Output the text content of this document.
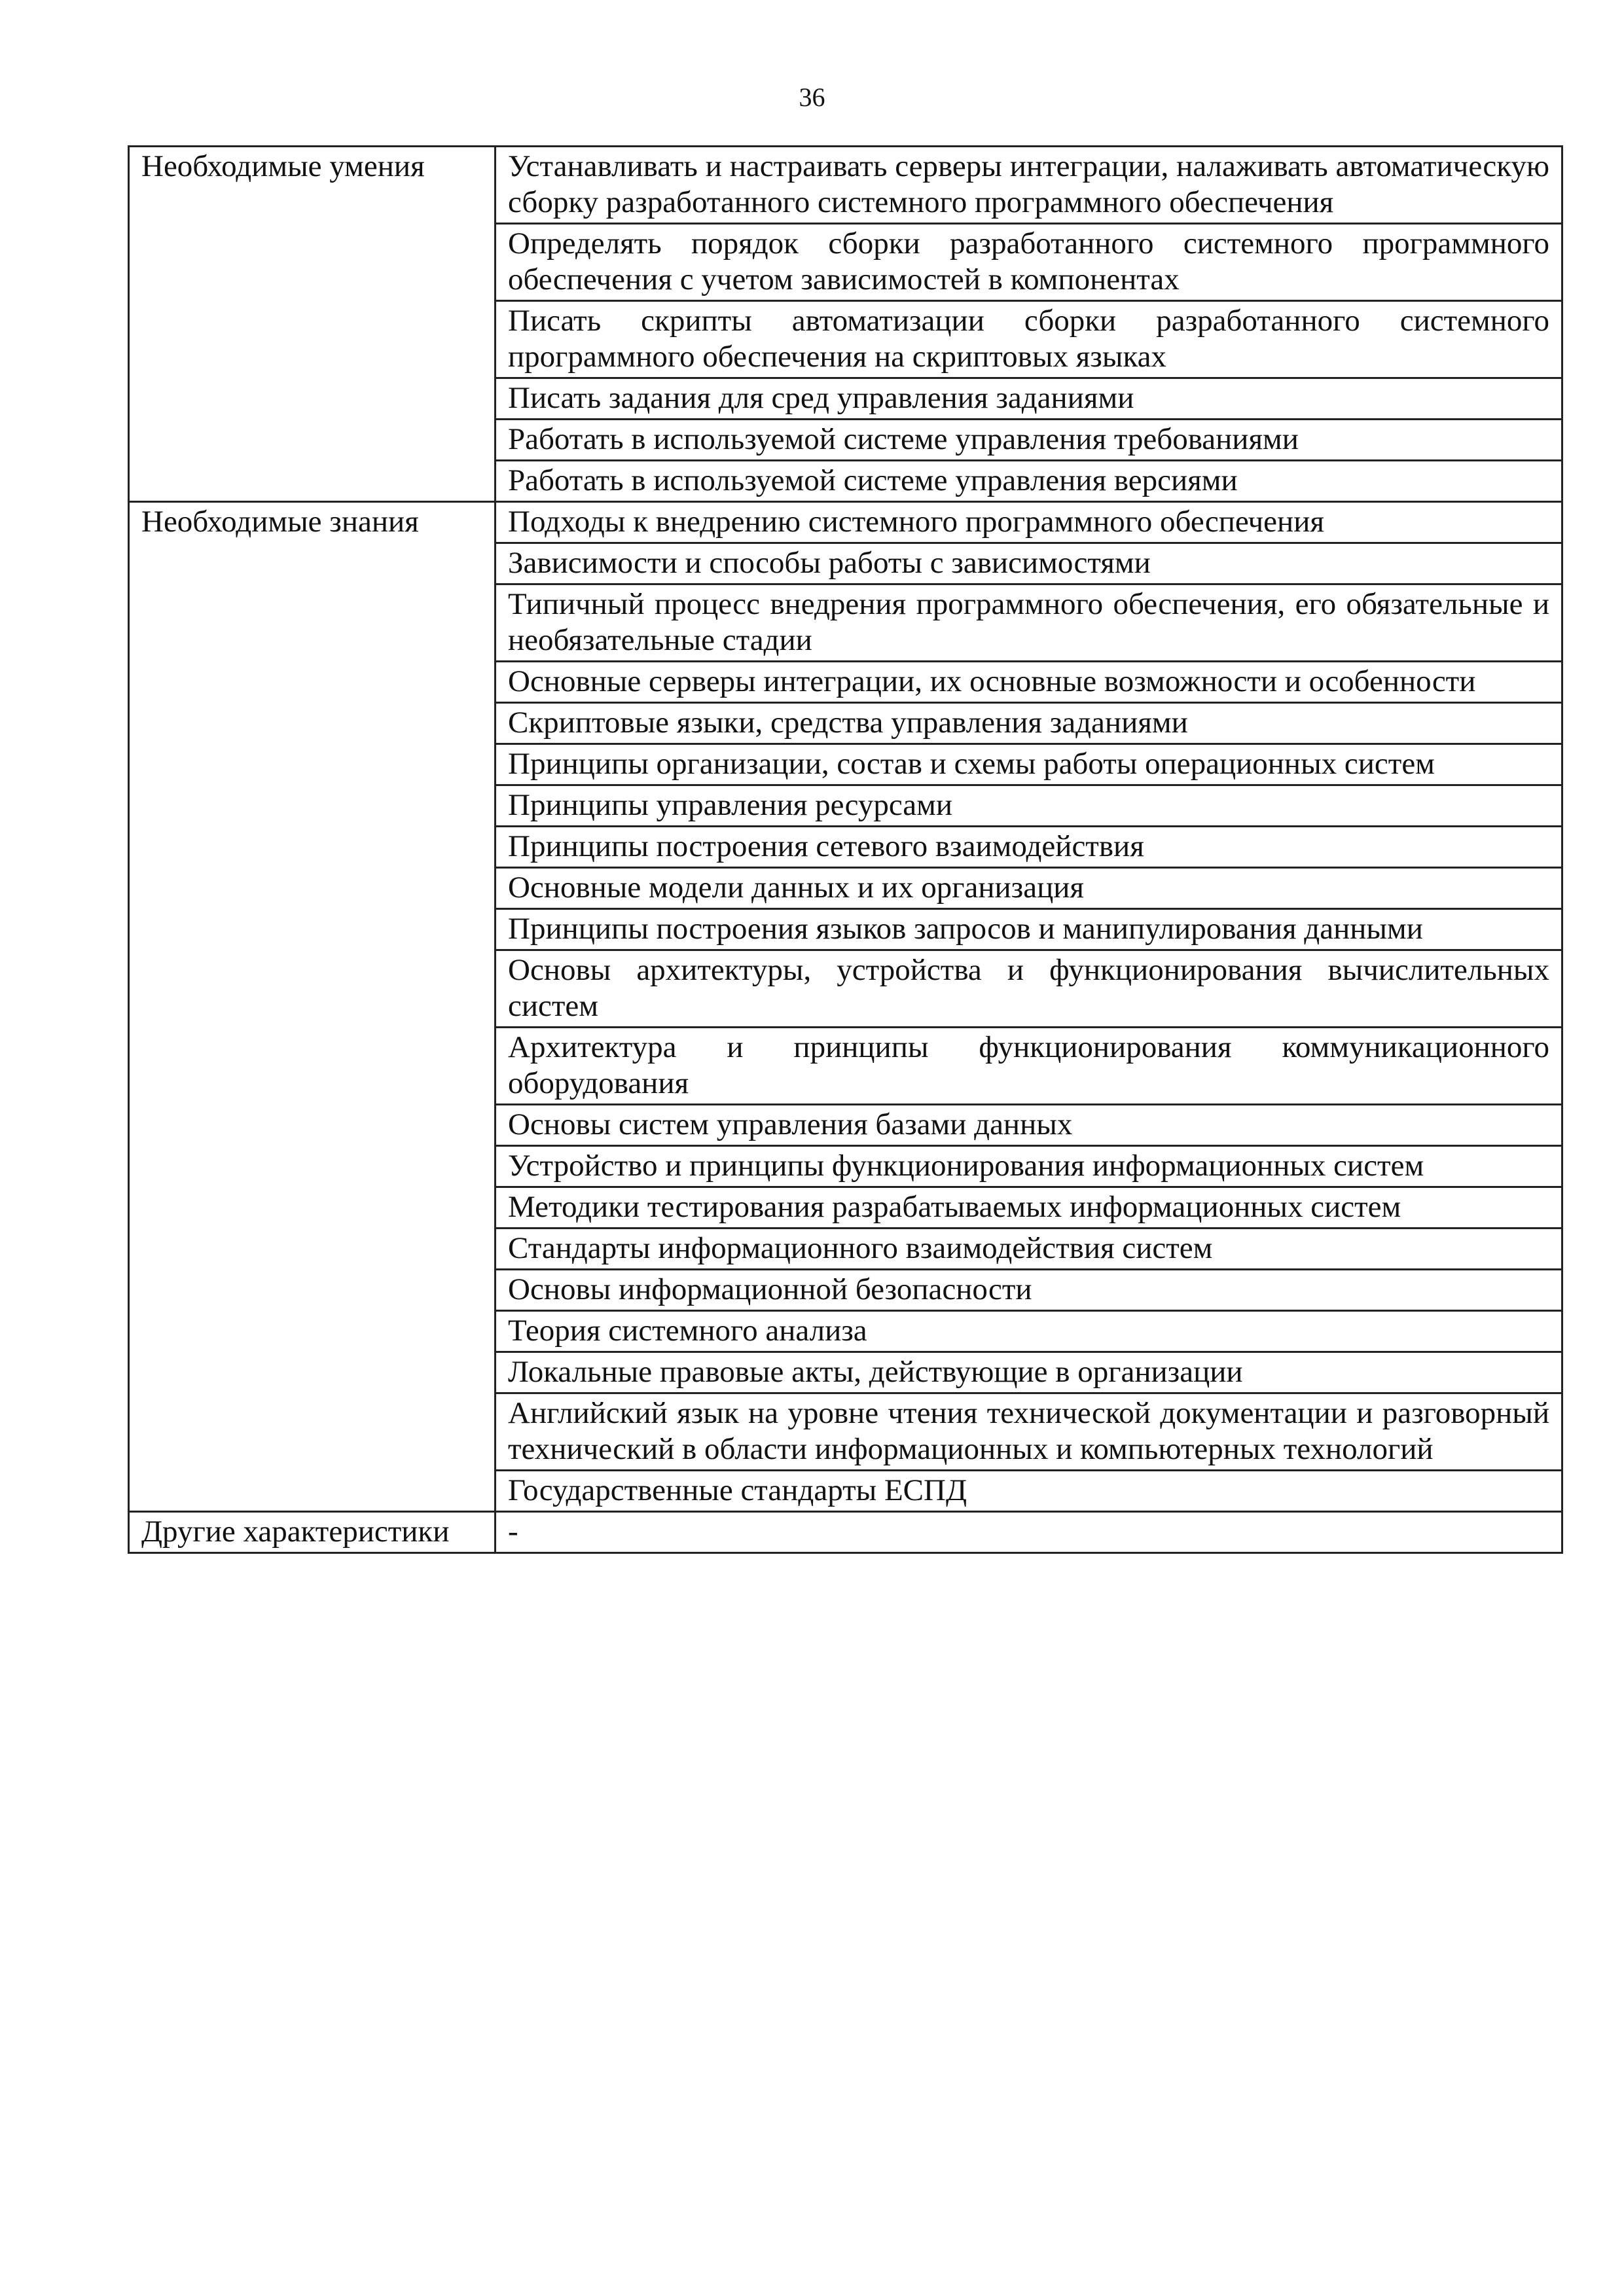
36
Необходимые умения	Устанавливать и настраивать серверы интеграции, налаживать автоматическую сборку разработанного системного программного обеспечения
	Определять порядок сборки разработанного системного программного обеспечения с учетом зависимостей в компонентах
	Писать скрипты автоматизации сборки разработанного системного программного обеспечения на скриптовых языках
	Писать задания для сред управления заданиями
	Работать в используемой системе управления требованиями
	Работать в используемой системе управления версиями
Необходимые знания	Подходы к внедрению системного программного обеспечения
	Зависимости и способы работы с зависимостями
	Типичный процесс внедрения программного обеспечения, его обязательные и необязательные стадии
	Основные серверы интеграции, их основные возможности и особенности
	Скриптовые языки, средства управления заданиями
	Принципы организации, состав и схемы работы операционных систем
	Принципы управления ресурсами
	Принципы построения сетевого взаимодействия
	Основные модели данных и их организация
	Принципы построения языков запросов и манипулирования данными
	Основы архитектуры, устройства и функционирования вычислительных систем
	Архитектура и принципы функционирования коммуникационного оборудования
	Основы систем управления базами данных
	Устройство и принципы функционирования информационных систем
	Методики тестирования разрабатываемых информационных систем
	Стандарты информационного взаимодействия систем
	Основы информационной безопасности
	Теория системного анализа
	Локальные правовые акты, действующие в организации
	Английский язык на уровне чтения технической документации и разговорный технический в области информационных и компьютерных технологий
	Государственные стандарты ЕСПД
Другие характеристики	-
